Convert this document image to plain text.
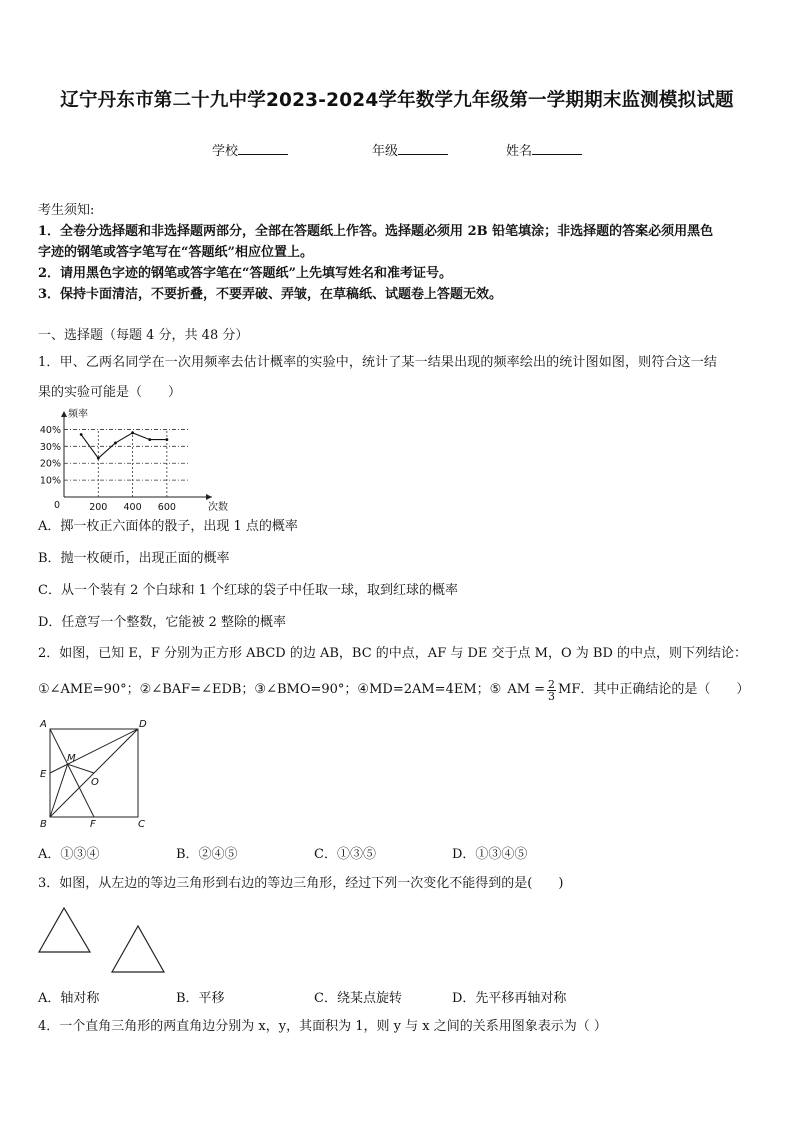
辽宁丹东市第二十九中学2023-2024学年数学九年级第一学期期末监测模拟试题
学校	年级	姓名
考生须知:
1．全卷分选择题和非选择题两部分，全部在答题纸上作答。选择题必须用 2B 铅笔填涂；非选择题的答案必须用黑色
字迹的钢笔或答字笔写在“答题纸”相应位置上。
2．请用黑色字迹的钢笔或答字笔在“答题纸”上先填写姓名和准考证号。
3．保持卡面清洁，不要折叠，不要弄破、弄皱，在草稿纸、试题卷上答题无效。
一、选择题（每题 4 分，共 48 分）
1．甲、乙两名同学在一次用频率去估计概率的实验中，统计了某一结果出现的频率绘出的统计图如图，则符合这一结
果的实验可能是（　　）
10%
20%
30%
40%
200 400 600
0
频率
次数
A．掷一枚正六面体的骰子，出现 1 点的概率
B．抛一枚硬币，出现正面的概率
C．从一个装有 2 个白球和 1 个红球的袋子中任取一球，取到红球的概率
D．任意写一个整数，它能被 2 整除的概率
2．如图，已知 E，F 分别为正方形 ABCD 的边 AB，BC 的中点，AF 与 DE 交于点 M，O 为 BD 的中点，则下列结论：
①∠AME=90°；②∠BAF=∠EDB；③∠BMO=90°；④MD=2AM=4EM；⑤ AM = $\frac{2}{3}$ MF．其中正确结论的是（　　）
A	D
E
M
O
B	F	C
A．①③④	B．②④⑤	C．①③⑤	D．①③④⑤
3．如图，从左边的等边三角形到右边的等边三角形，经过下列一次变化不能得到的是(　　)
A．轴对称	B．平移	C．绕某点旋转	D．先平移再轴对称
4．一个直角三角形的两直角边分别为 x，y，其面积为 1，则 y 与 x 之间的关系用图象表示为（ ）
